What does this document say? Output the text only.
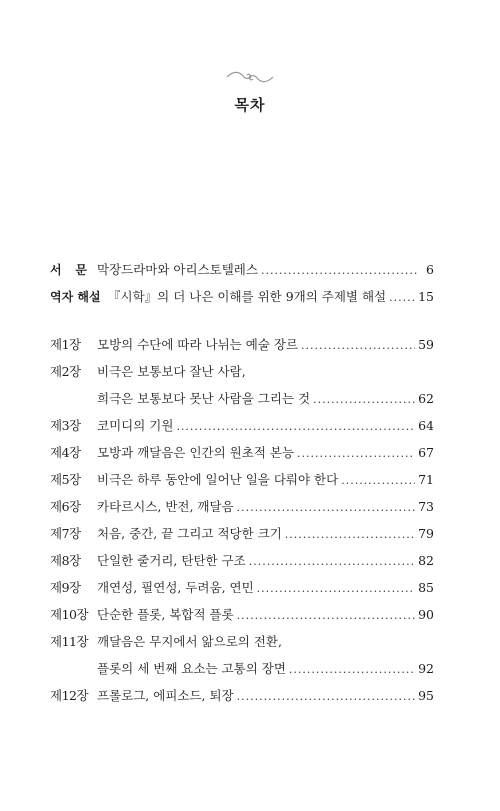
목차
서 문 막장드라마와 아리스토텔레스 .....	6
역자 해설 『시학』의 더 나은 이해를 위한 9개의 주제별 해설 .....	15
제1장	모방의 수단에 따라 나뉘는 예술 장르 .....	59
제2장	비극은 보통보다 잘난 사람,
희극은 보통보다 못난 사람을 그리는 것 .....	62
제3장	코미디의 기원 .....	64
제4장	모방과 깨달음은 인간의 원초적 본능 .....	67
제5장	비극은 하루 동안에 일어난 일을 다뤄야 한다 .....	71
제6장	카타르시스, 반전, 깨달음 .....	73
제7장	처음, 중간, 끝 그리고 적당한 크기 .....	79
제8장	단일한 줄거리, 탄탄한 구조 .....	82
제9장	개연성, 필연성, 두려움, 연민 .....	85
제10장 단순한 플롯, 복합적 플롯 .....	90
제11장 깨달음은 무지에서 앎으로의 전환,
플롯의 세 번째 요소는 고통의 장면 .....	92
제12장 프롤로그, 에피소드, 퇴장 .....	95
